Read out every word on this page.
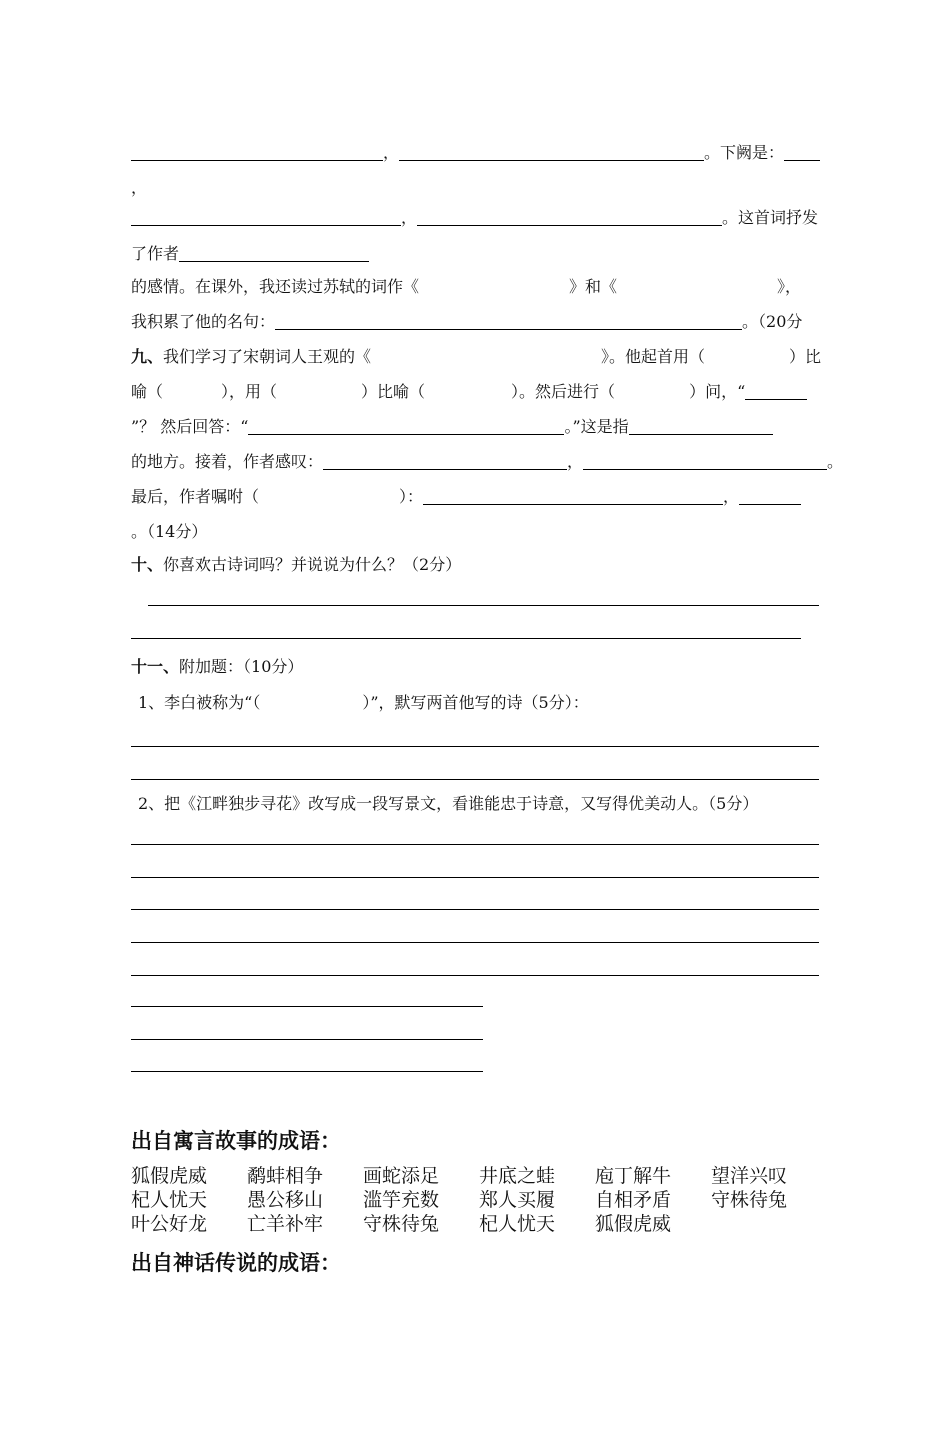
，	。下阙是：
，
，	。这首词抒发
了作者
的感情。在课外，我还读过苏轼的词作《	》和《	》，
我积累了他的名句：	。（20分
九、我们学习了宋朝词人王观的《	》。他起首用（	）比
喻（	），用（	）比喻（	）。然后进行（	）问，“
”？ 然后回答：“	。”这是指
的地方。接着，作者感叹：	，	。
最后，作者嘱咐（	）：	，
。（14分）
十、你喜欢古诗词吗？并说说为什么？（2分）
十一、附加题：（10分）
1、李白被称为“（	）”，默写两首他写的诗（5分）：
2、把《江畔独步寻花》改写成一段写景文，看谁能忠于诗意，又写得优美动人。（5分）
出自寓言故事的成语：
狐假虎威 鹬蚌相争 画蛇添足 井底之蛙 庖丁解牛 望洋兴叹
杞人忧天 愚公移山 滥竽充数 郑人买履 自相矛盾 守株待兔
叶公好龙 亡羊补牢 守株待兔 杞人忧天 狐假虎威
出自神话传说的成语：
